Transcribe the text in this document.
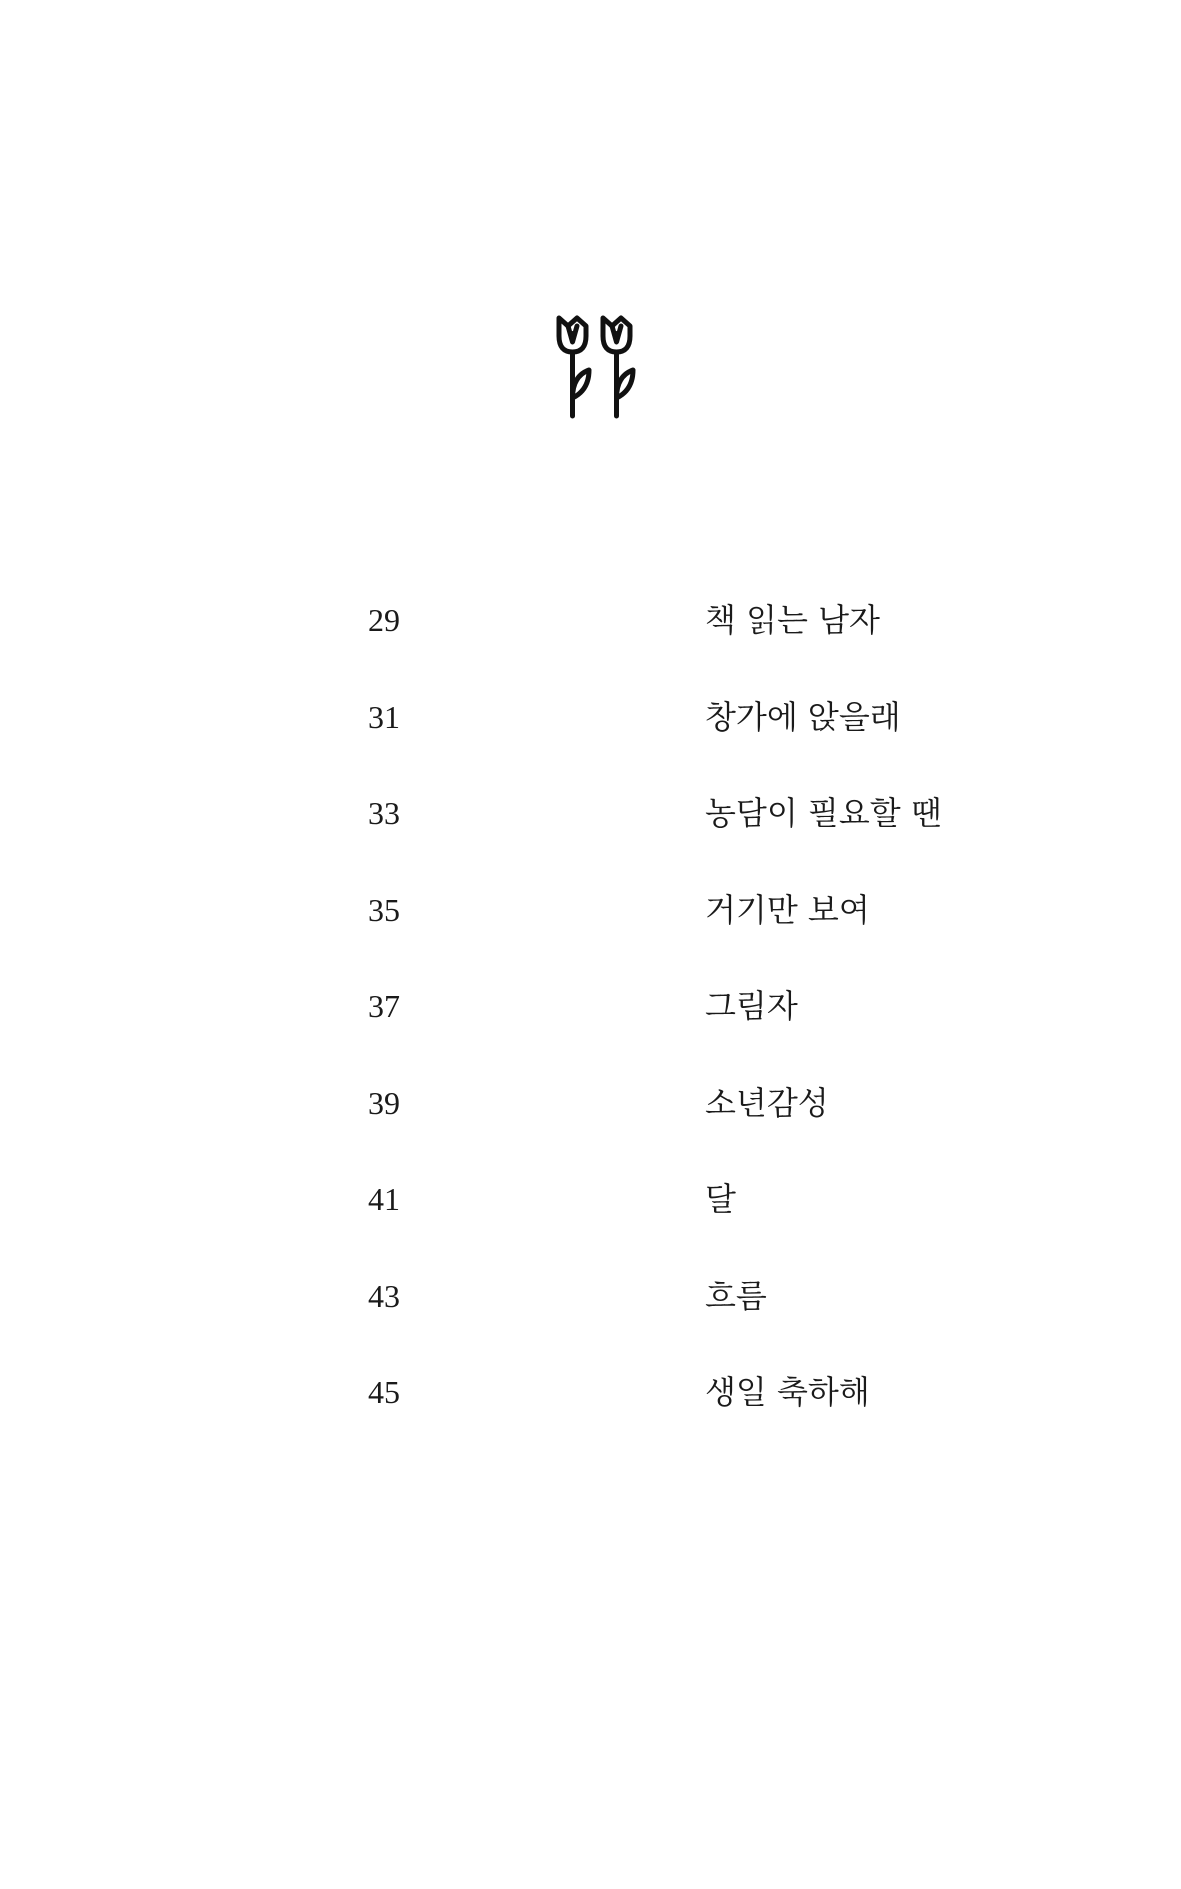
29	책 읽는 남자
31	창가에 앉을래
33	농담이 필요할 땐
35	거기만 보여
37	그림자
39	소년감성
41	달
43	흐름
45	생일 축하해
